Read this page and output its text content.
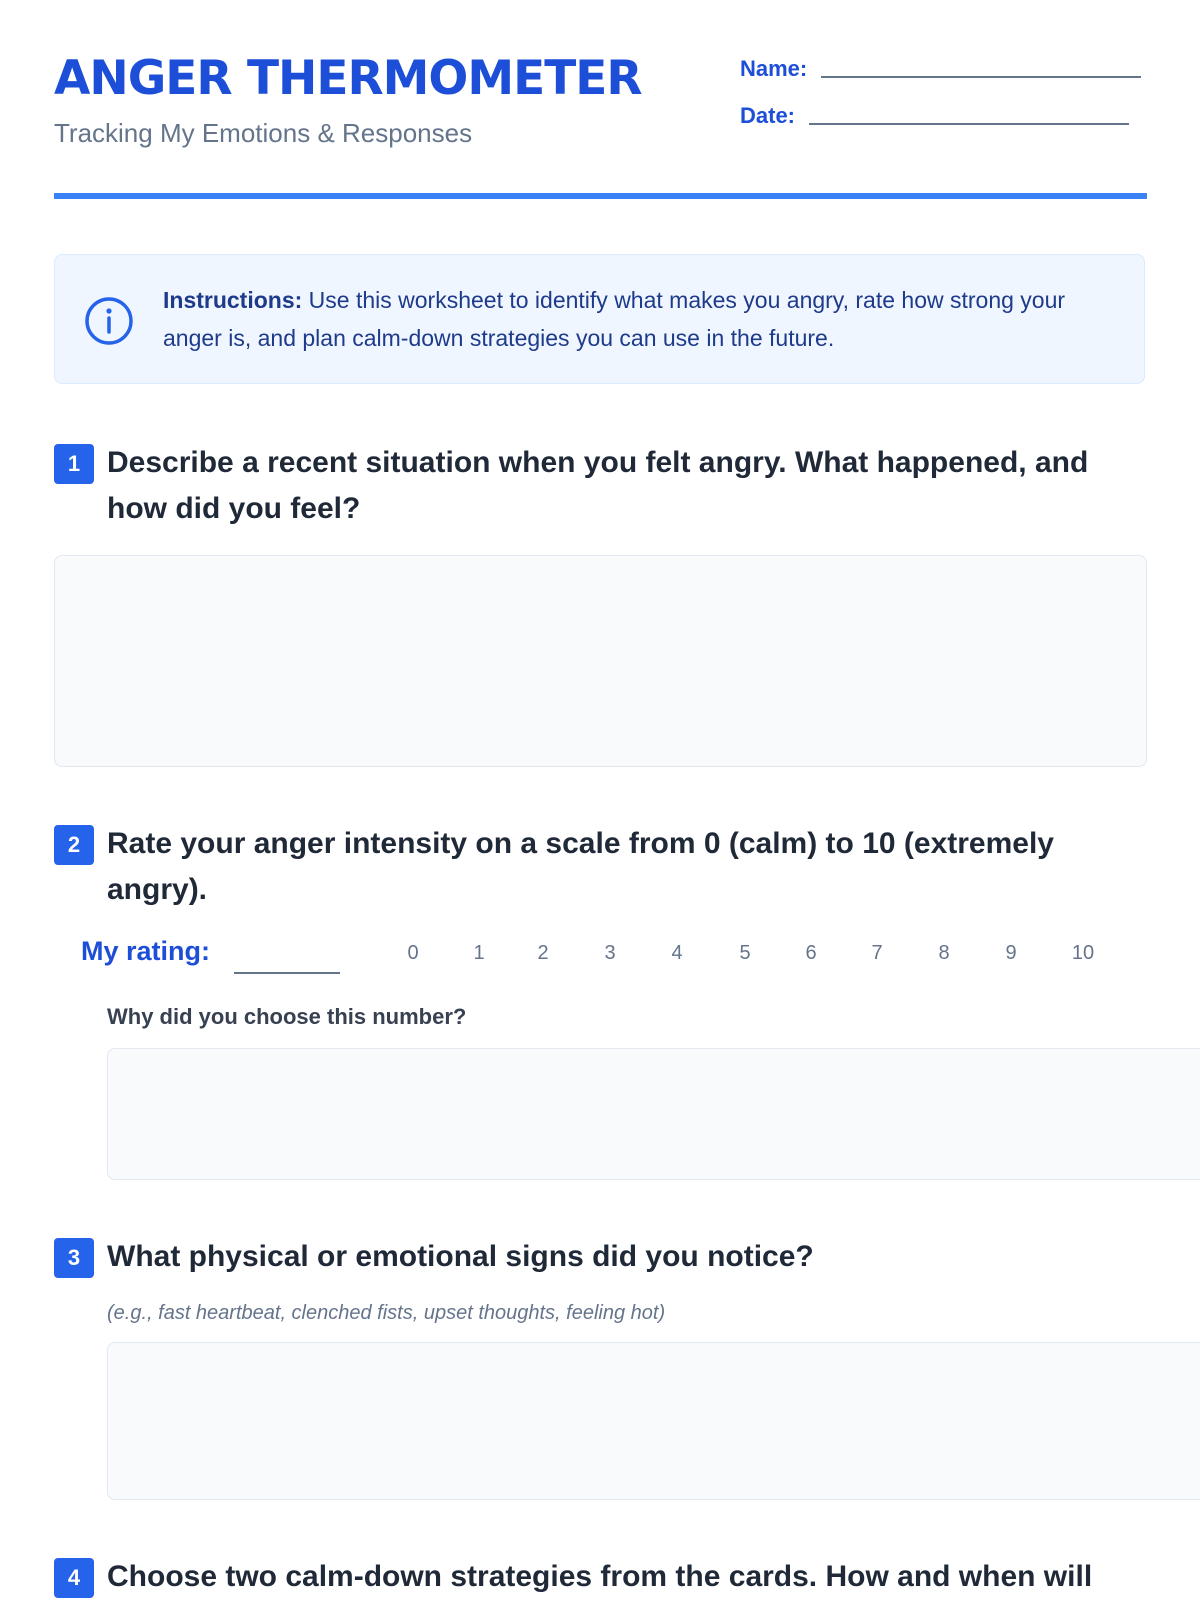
ANGER THERMOMETER

Tracking My Emotions & Responses

Name:
Date:
Instructions: Use this worksheet to identify what makes you angry, rate how strong your anger is, and plan calm-down strategies you can use in the future.
1 Describe a recent situation when you felt angry. What happened, and how did you feel?

2 Rate your anger intensity on a scale from 0 (calm) to 10 (extremely angry).

My rating:	0	1	2	3	4	5	6	7	8	9	10
Why did you choose this number?
3 What physical or emotional signs did you notice?

(e.g., fast heartbeat, clenched fists, upset thoughts, feeling hot)
4 Choose two calm-down strategies from the cards. How and when will
